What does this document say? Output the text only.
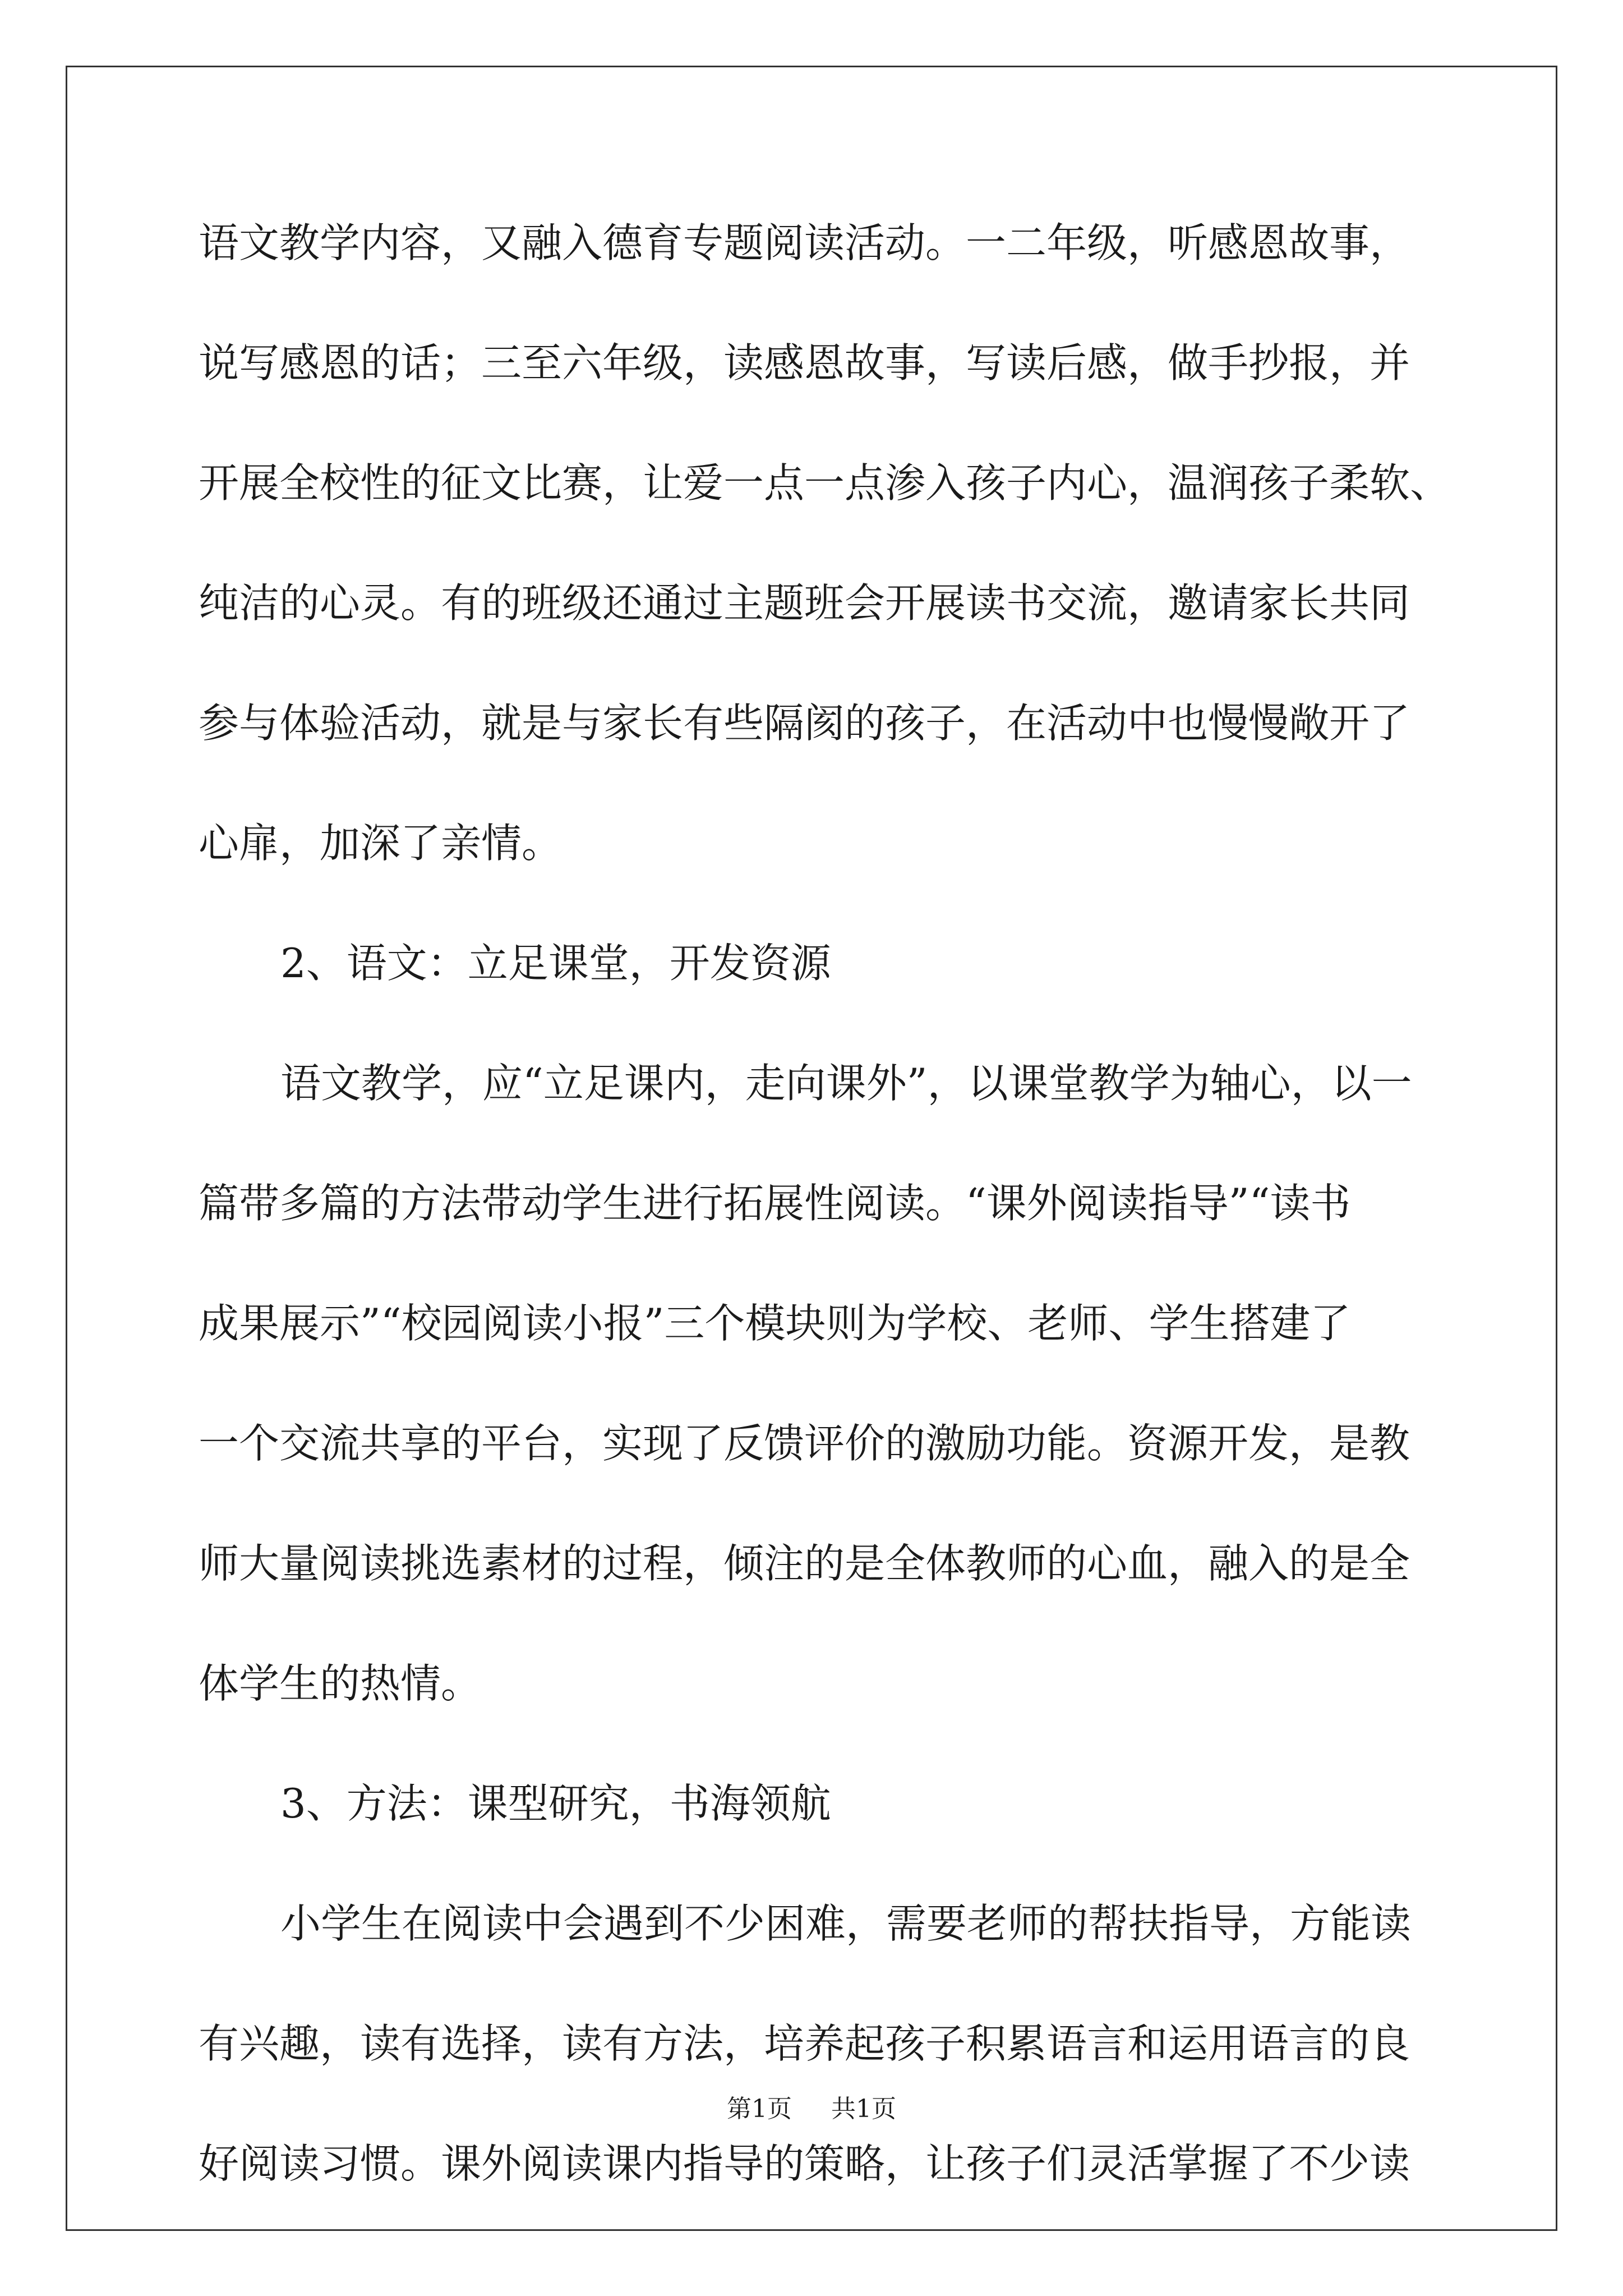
语文教学内容，又融入德育专题阅读活动。一二年级，听感恩故事，
说写感恩的话；三至六年级，读感恩故事，写读后感，做手抄报，并
开展全校性的征文比赛，让爱一点一点渗入孩子内心，温润孩子柔软、
纯洁的心灵。有的班级还通过主题班会开展读书交流，邀请家长共同
参与体验活动，就是与家长有些隔阂的孩子，在活动中也慢慢敞开了
心扉，加深了亲情。
2、语文：立足课堂，开发资源
语文教学，应“立足课内，走向课外”，以课堂教学为轴心，以一
篇带多篇的方法带动学生进行拓展性阅读。“课外阅读指导”“读书
成果展示”“校园阅读小报”三个模块则为学校、老师、学生搭建了
一个交流共享的平台，实现了反馈评价的激励功能。资源开发，是教
师大量阅读挑选素材的过程，倾注的是全体教师的心血，融入的是全
体学生的热情。
3、方法：课型研究，书海领航
小学生在阅读中会遇到不少困难，需要老师的帮扶指导，方能读
有兴趣，读有选择，读有方法，培养起孩子积累语言和运用语言的良
好阅读习惯。课外阅读课内指导的策略，让孩子们灵活掌握了不少读
第1页 共1页
